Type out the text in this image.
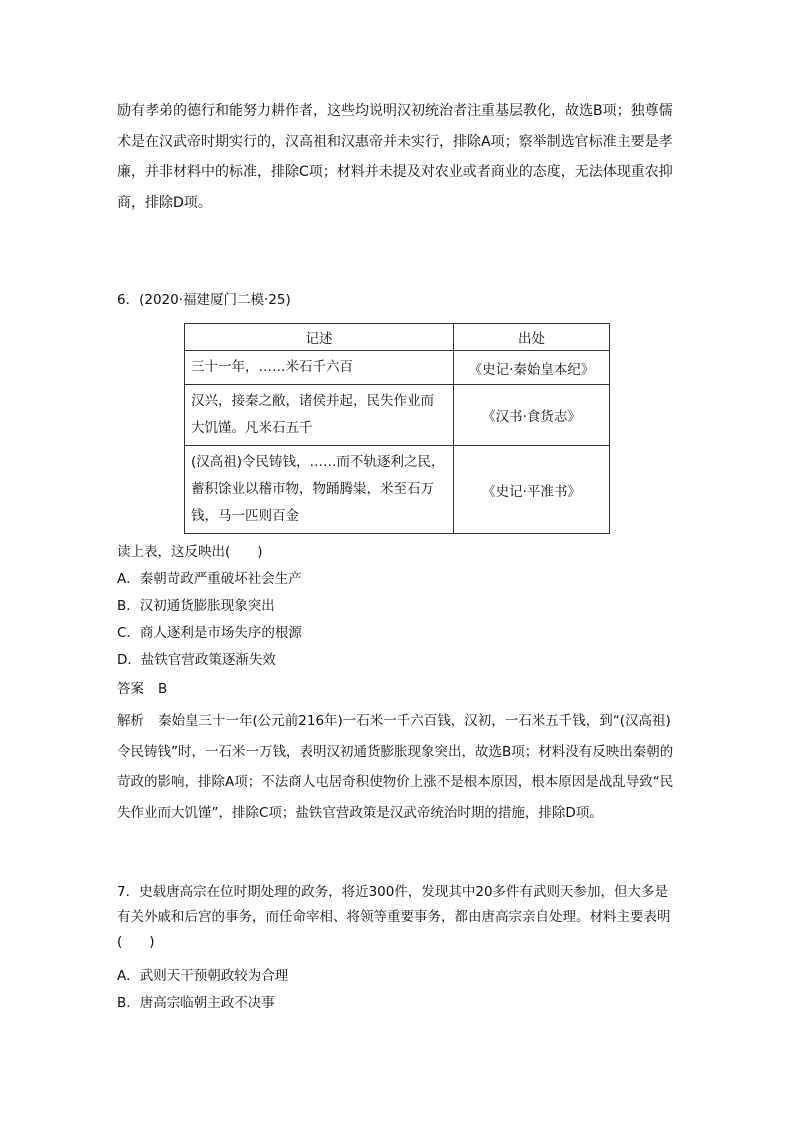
励有孝弟的德行和能努力耕作者，这些均说明汉初统治者注重基层教化，故选B项；独尊儒术是在汉武帝时期实行的，汉高祖和汉惠帝并未实行，排除A项；察举制选官标准主要是孝廉，并非材料中的标准，排除C项；材料并未提及对农业或者商业的态度，无法体现重农抑商，排除D项。

6．(2020·福建厦门二模·25)
记述	出处
三十一年，……米石千六百	《史记·秦始皇本纪》
汉兴，接秦之敝，诸侯并起，民失作业而大饥馑。凡米石五千	《汉书·食货志》
(汉高祖)令民铸钱，……而不轨逐利之民，蓄积馀业以稽市物，物踊腾粜，米至石万钱，马一匹则百金	《史记·平准书》
读上表，这反映出(　　)
A．秦朝苛政严重破坏社会生产
B．汉初通货膨胀现象突出
C．商人逐利是市场失序的根源
D．盐铁官营政策逐渐失效
答案 B

解析 秦始皇三十一年(公元前216年)一石米一千六百钱，汉初，一石米五千钱，到“(汉高祖)令民铸钱”时，一石米一万钱，表明汉初通货膨胀现象突出，故选B项；材料没有反映出秦朝的苛政的影响，排除A项；不法商人屯居奇积使物价上涨不是根本原因，根本原因是战乱导致“民失作业而大饥馑”，排除C项；盐铁官营政策是汉武帝统治时期的措施，排除D项。

7．史载唐高宗在位时期处理的政务，将近300件，发现其中20多件有武则天参加，但大多是有关外戚和后宫的事务，而任命宰相、将领等重要事务，都由唐高宗亲自处理。材料主要表明(　　)

A．武则天干预朝政较为合理
B．唐高宗临朝主政不决事
